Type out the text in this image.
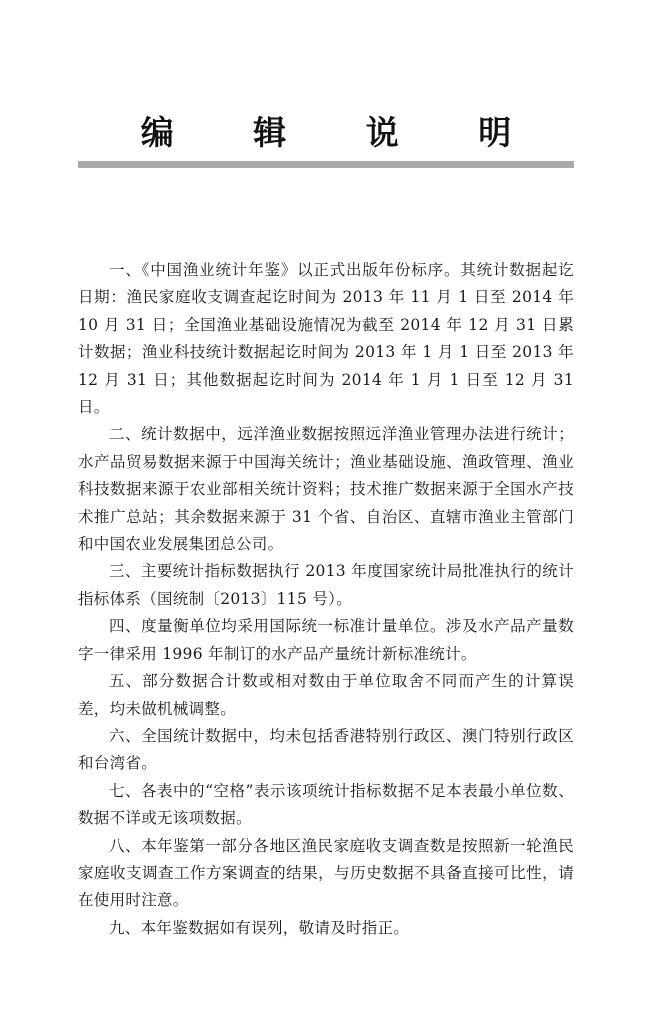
编 辑 说 明

一、《中国渔业统计年鉴》以正式出版年份标序。其统计数据起讫日期：渔民家庭收支调查起讫时间为 2013 年 11 月 1 日至 2014 年 10 月 31 日；全国渔业基础设施情况为截至 2014 年 12 月 31 日累计数据；渔业科技统计数据起讫时间为 2013 年 1 月 1 日至 2013 年 12 月 31 日；其他数据起讫时间为 2014 年 1 月 1 日至 12 月 31 日。

二、统计数据中，远洋渔业数据按照远洋渔业管理办法进行统计；水产品贸易数据来源于中国海关统计；渔业基础设施、渔政管理、渔业科技数据来源于农业部相关统计资料；技术推广数据来源于全国水产技术推广总站；其余数据来源于 31 个省、自治区、直辖市渔业主管部门和中国农业发展集团总公司。

三、主要统计指标数据执行 2013 年度国家统计局批准执行的统计指标体系（国统制〔2013〕115 号）。

四、度量衡单位均采用国际统一标准计量单位。涉及水产品产量数字一律采用 1996 年制订的水产品产量统计新标准统计。

五、部分数据合计数或相对数由于单位取舍不同而产生的计算误差，均未做机械调整。

六、全国统计数据中，均未包括香港特别行政区、澳门特别行政区和台湾省。

七、各表中的“空格”表示该项统计指标数据不足本表最小单位数、数据不详或无该项数据。

八、本年鉴第一部分各地区渔民家庭收支调查数是按照新一轮渔民家庭收支调查工作方案调查的结果，与历史数据不具备直接可比性，请在使用时注意。

九、本年鉴数据如有误列，敬请及时指正。
